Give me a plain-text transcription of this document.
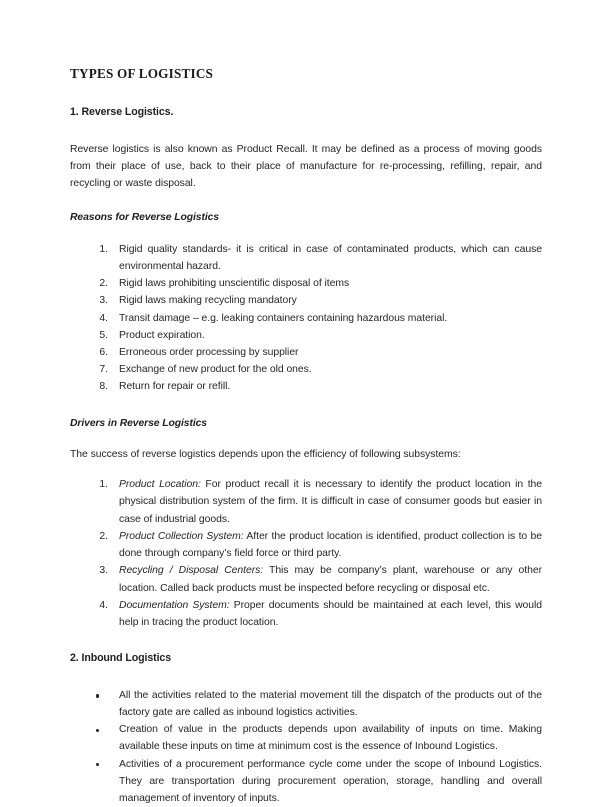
TYPES OF LOGISTICS
1. Reverse Logistics.

Reverse logistics is also known as Product Recall. It may be defined as a process of moving goods from their place of use, back to their place of manufacture for re-processing, refilling, repair, and recycling or waste disposal.

Reasons for Reverse Logistics
Rigid quality standards- it is critical in case of contaminated products, which can cause environmental hazard.
Rigid laws prohibiting unscientific disposal of items
Rigid laws making recycling mandatory
Transit damage – e.g. leaking containers containing hazardous material.
Product expiration.
Erroneous order processing by supplier
Exchange of new product for the old ones.
Return for repair or refill.
Drivers in Reverse Logistics

The success of reverse logistics depends upon the efficiency of following subsystems:

Product Location: For product recall it is necessary to identify the product location in the physical distribution system of the firm. It is difficult in case of consumer goods but easier in case of industrial goods.
Product Collection System: After the product location is identified, product collection is to be done through company’s field force or third party.
Recycling / Disposal Centers: This may be company’s plant, warehouse or any other location. Called back products must be inspected before recycling or disposal etc.
Documentation System: Proper documents should be maintained at each level, this would help in tracing the product location.
2. Inbound Logistics
All the activities related to the material movement till the dispatch of the products out of the factory gate are called as inbound logistics activities.
Creation of value in the products depends upon availability of inputs on time. Making available these inputs on time at minimum cost is the essence of Inbound Logistics.
Activities of a procurement performance cycle come under the scope of Inbound Logistics. They are transportation during procurement operation, storage, handling and overall management of inventory of inputs.
